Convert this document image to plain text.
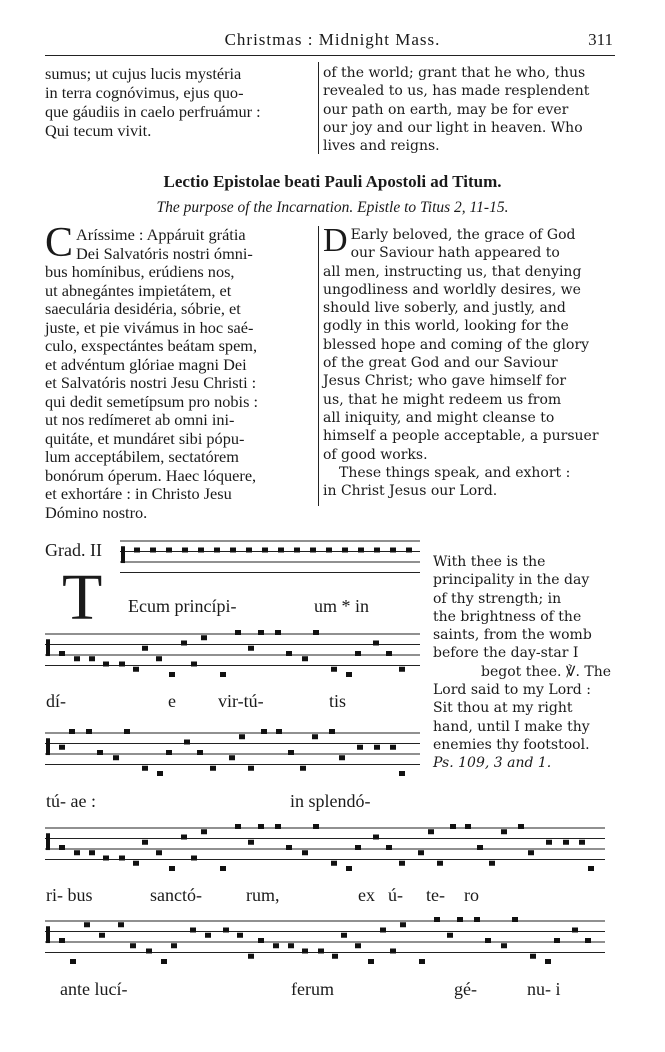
Christmas : Midnight Mass.	311
sumus; ut cujus lucis mystéria
in terra cognóvimus, ejus quo-
que gáudiis in caelo perfruámur :
Qui tecum vivit.
of the world; grant that he who, thus
revealed to us, has made resplendent
our path on earth, may be for ever
our joy and our light in heaven. Who
lives and reigns.
Lectio Epistolae beati Pauli Apostoli ad Titum.
The purpose of the Incarnation. Epistle to Titus 2, 11-15.
C Aríssime : Appáruit grátia
Dei Salvatóris nostri ómni-
bus homínibus, erúdiens nos,
ut abnegántes impietátem, et
saeculária desidéria, sóbrie, et
juste, et pie vivámus in hoc saé-
culo, exspectántes beátam spem,
et advéntum glóriae magni Dei
et Salvatóris nostri Jesu Christi :
qui dedit semetípsum pro nobis :
ut nos redímeret ab omni ini-
quitáte, et mundáret sibi pópu-
lum acceptábilem, sectatórem
bonórum óperum. Haec lóquere,
et exhortáre : in Christo Jesu
Dómino nostro.
D Early beloved, the grace of God
our Saviour hath appeared to
all men, instructing us, that denying
ungodliness and worldly desires, we
should live soberly, and justly, and
godly in this world, looking for the
blessed hope and coming of the glory
of the great God and our Saviour
Jesus Christ; who gave himself for
us, that he might redeem us from
all iniquity, and might cleanse to
himself a people acceptable, a pursuer
of good works.
These things speak, and exhort :
in Christ Jesus our Lord.
Grad. II
T Ecum princípi-	um * in
dí-	e vir-tú-	tis
tú- ae :	in splendó-
ri- bus	sanctó- rum,	ex ú- te- ro
ante lucí-	ferum	gé-	nu- i
With thee is the
principality in the day
of thy strength; in
the brightness of the
saints, from the womb
before the day-star I
begot thee. ℣. The
Lord said to my Lord :
Sit thou at my right
hand, until I make thy
enemies thy footstool.
Ps. 109, 3 and 1.
